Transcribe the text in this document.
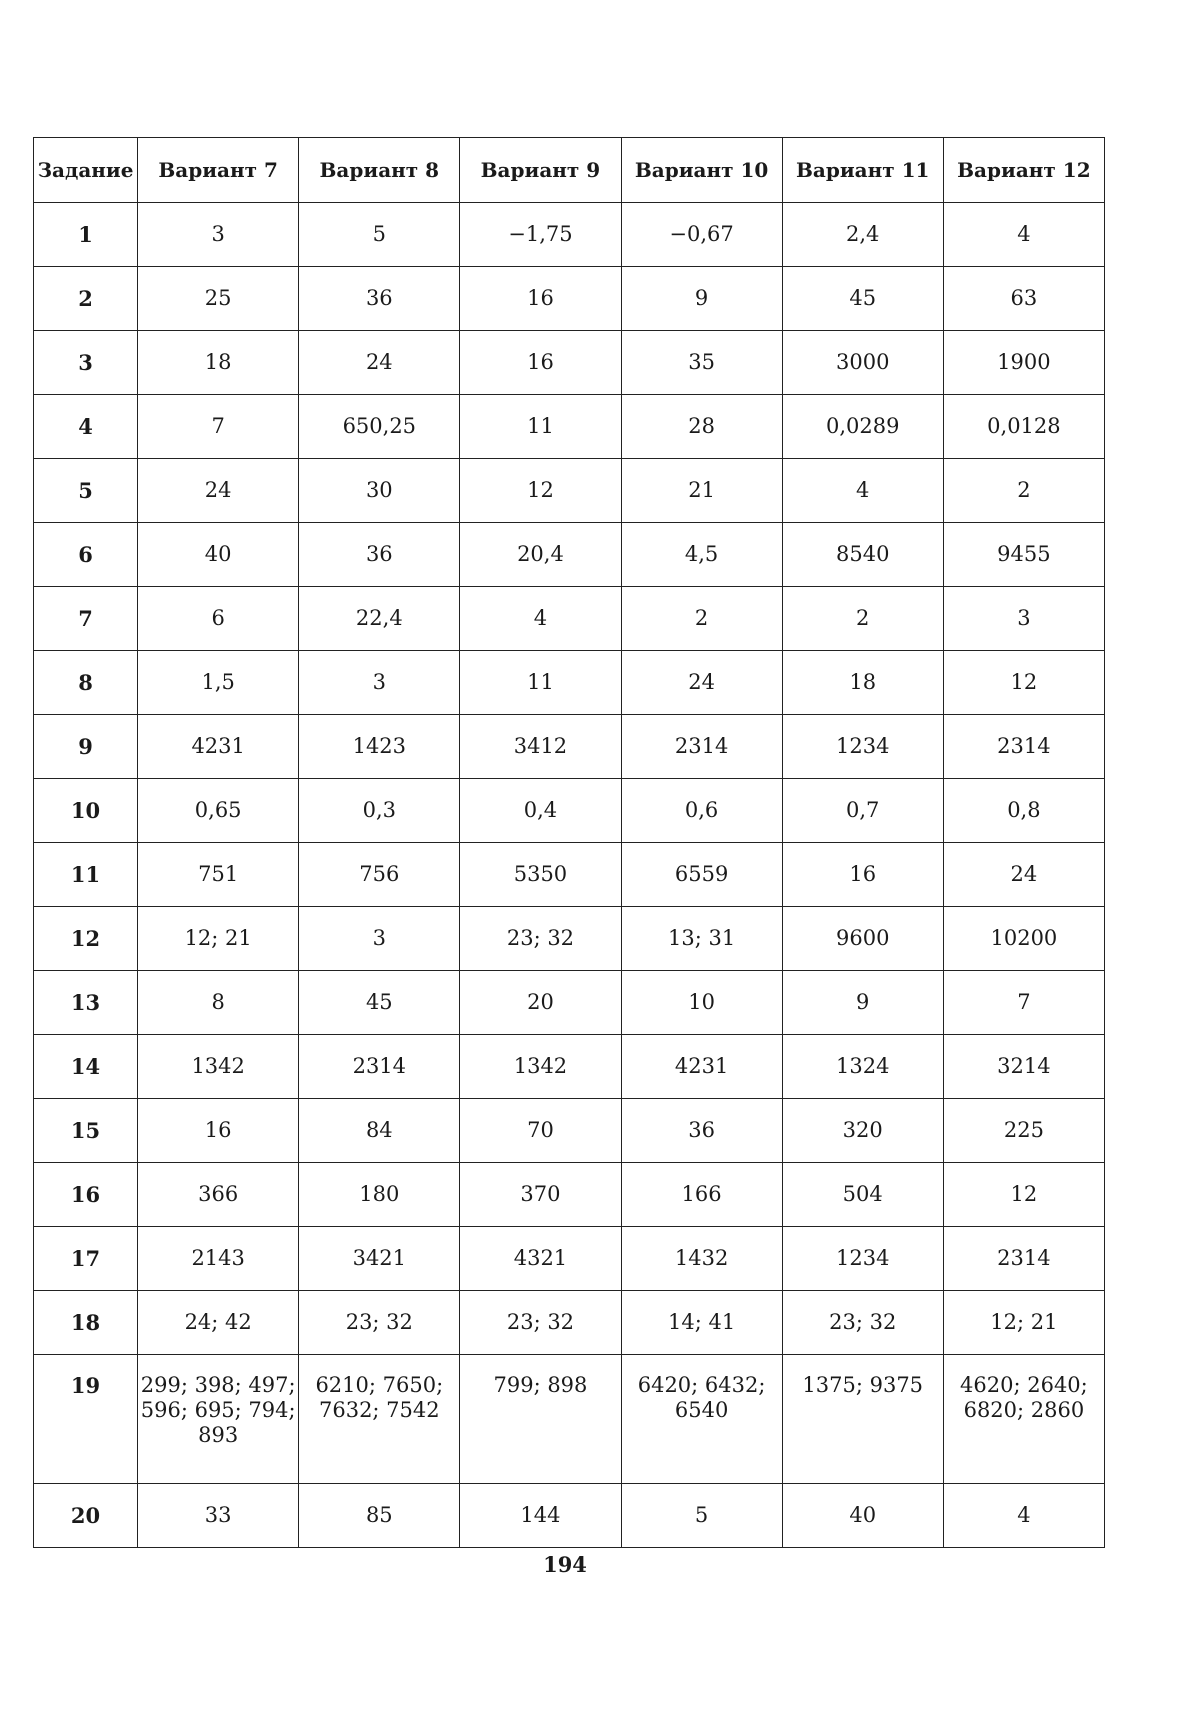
Задание	Вариант 7	Вариант 8	Вариант 9	Вариант 10	Вариант 11	Вариант 12
1	3	5	−1,75	−0,67	2,4	4
2	25	36	16	9	45	63
3	18	24	16	35	3000	1900
4	7	650,25	11	28	0,0289	0,0128
5	24	30	12	21	4	2
6	40	36	20,4	4,5	8540	9455
7	6	22,4	4	2	2	3
8	1,5	3	11	24	18	12
9	4231	1423	3412	2314	1234	2314
10	0,65	0,3	0,4	0,6	0,7	0,8
11	751	756	5350	6559	16	24
12	12; 21	3	23; 32	13; 31	9600	10200
13	8	45	20	10	9	7
14	1342	2314	1342	4231	1324	3214
15	16	84	70	36	320	225
16	366	180	370	166	504	12
17	2143	3421	4321	1432	1234	2314
18	24; 42	23; 32	23; 32	14; 41	23; 32	12; 21
19	299; 398; 497; 596; 695; 794; 893	6210; 7650; 7632; 7542	799; 898	6420; 6432; 6540	1375; 9375	4620; 2640; 6820; 2860
20	33	85	144	5	40	4
194
